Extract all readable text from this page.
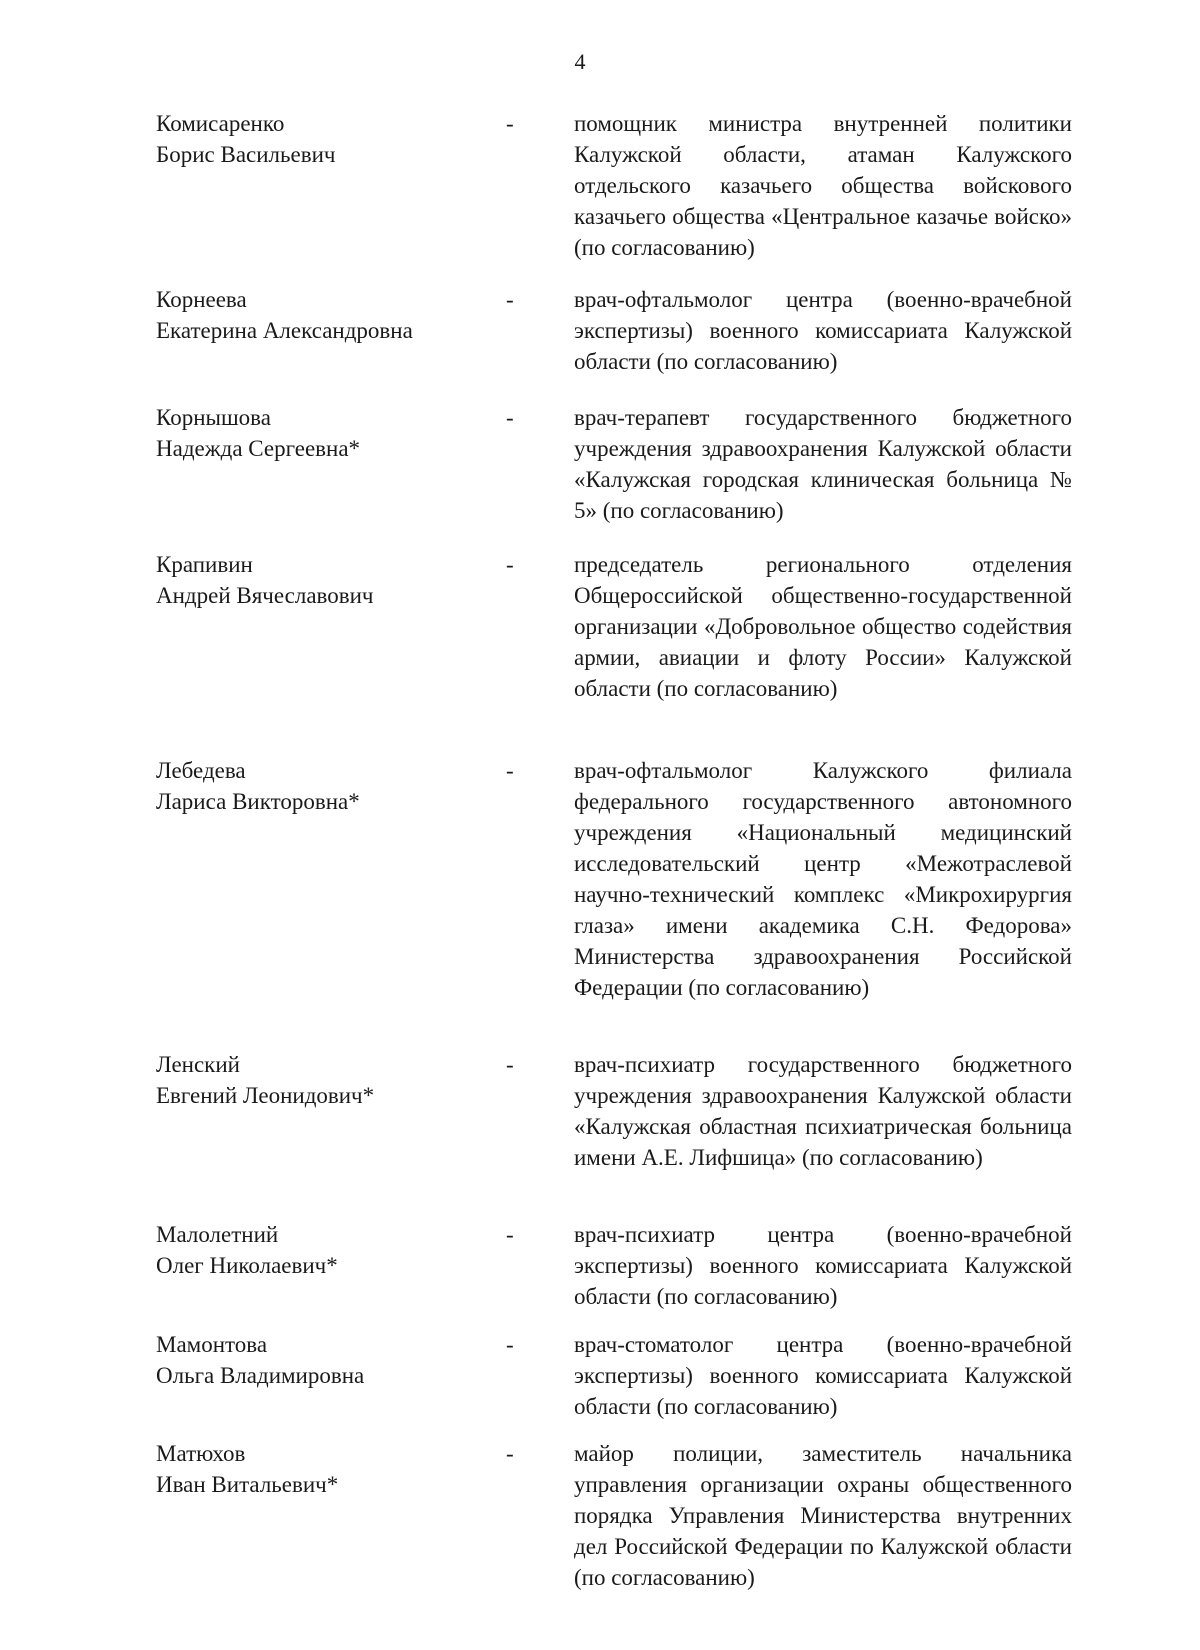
4
Комисаренко
Борис Васильевич
-	помощник министра внутренней политики Калужской области, атаман Калужского отдельского казачьего общества войскового казачьего общества «Центральное казачье войско» (по согласованию)

Корнеева
Екатерина Александровна
-	врач-офтальмолог центра (военно-врачебной экспертизы) военного комиссариата Калужской области (по согласованию)

Корнышова
Надежда Сергеевна*
-	врач-терапевт государственного бюджетного учреждения здравоохранения Калужской области «Калужская городская клиническая больница № 5» (по согласованию)

Крапивин
Андрей Вячеславович
-	председатель регионального отделения Общероссийской общественно-государственной организации «Добровольное общество содействия армии, авиации и флоту России» Калужской области (по согласованию)

Лебедева
Лариса Викторовна*
-	врач-офтальмолог Калужского филиала федерального государственного автономного учреждения «Национальный медицинский исследовательский центр «Межотраслевой научно-технический комплекс «Микрохирургия глаза» имени академика С.Н. Федорова» Министерства здравоохранения Российской Федерации (по согласованию)

Ленский
Евгений Леонидович*
-	врач-психиатр государственного бюджетного учреждения здравоохранения Калужской области «Калужская областная психиатрическая больница имени А.Е. Лифшица» (по согласованию)

Малолетний
Олег Николаевич*
-	врач-психиатр центра (военно-врачебной экспертизы) военного комиссариата Калужской области (по согласованию)

Мамонтова
Ольга Владимировна
-	врач-стоматолог центра (военно-врачебной экспертизы) военного комиссариата Калужской области (по согласованию)

Матюхов
Иван Витальевич*
-	майор полиции, заместитель начальника управления организации охраны общественного порядка Управления Министерства внутренних дел Российской Федерации по Калужской области (по согласованию)
